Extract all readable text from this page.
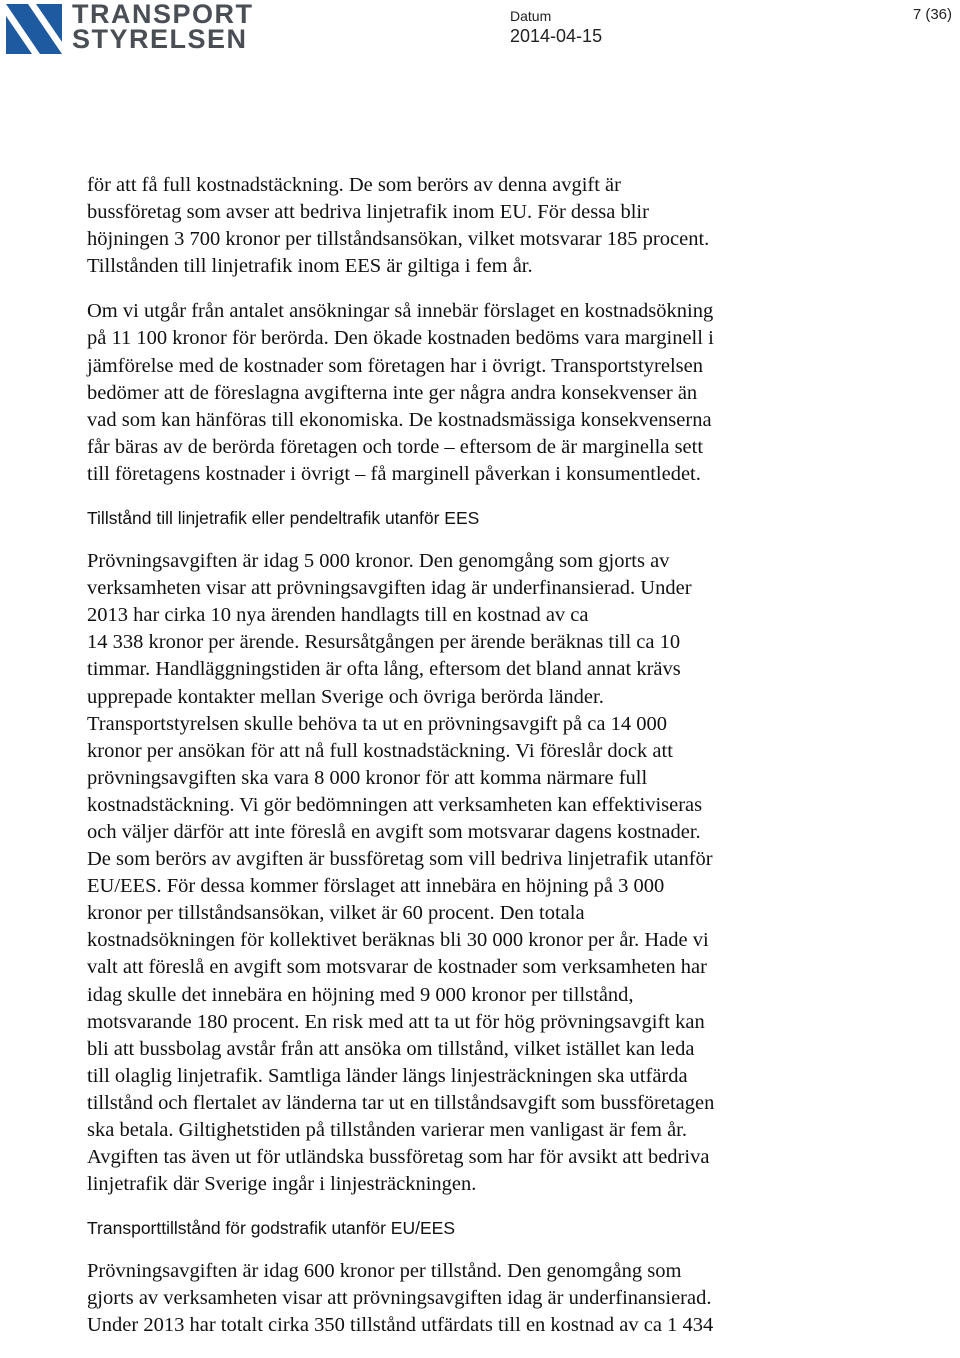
TRANSPORT
STYRELSEN
Datum
2014-04-15
7 (36)

för att få full kostnadstäckning. De som berörs av denna avgift är
bussföretag som avser att bedriva linjetrafik inom EU. För dessa blir
höjningen 3 700 kronor per tillståndsansökan, vilket motsvarar 185 procent.
Tillstånden till linjetrafik inom EES är giltiga i fem år.

Om vi utgår från antalet ansökningar så innebär förslaget en kostnadsökning
på 11 100 kronor för berörda. Den ökade kostnaden bedöms vara marginell i
jämförelse med de kostnader som företagen har i övrigt. Transportstyrelsen
bedömer att de föreslagna avgifterna inte ger några andra konsekvenser än
vad som kan hänföras till ekonomiska. De kostnadsmässiga konsekvenserna
får bäras av de berörda företagen och torde – eftersom de är marginella sett
till företagens kostnader i övrigt – få marginell påverkan i konsumentledet.

Tillstånd till linjetrafik eller pendeltrafik utanför EES

Prövningsavgiften är idag 5 000 kronor. Den genomgång som gjorts av
verksamheten visar att prövningsavgiften idag är underfinansierad. Under
2013 har cirka 10 nya ärenden handlagts till en kostnad av ca
14 338 kronor per ärende. Resursåtgången per ärende beräknas till ca 10
timmar. Handläggningstiden är ofta lång, eftersom det bland annat krävs
upprepade kontakter mellan Sverige och övriga berörda länder.
Transportstyrelsen skulle behöva ta ut en prövningsavgift på ca 14 000
kronor per ansökan för att nå full kostnadstäckning. Vi föreslår dock att
prövningsavgiften ska vara 8 000 kronor för att komma närmare full
kostnadstäckning. Vi gör bedömningen att verksamheten kan effektiviseras
och väljer därför att inte föreslå en avgift som motsvarar dagens kostnader.
De som berörs av avgiften är bussföretag som vill bedriva linjetrafik utanför
EU/EES. För dessa kommer förslaget att innebära en höjning på 3 000
kronor per tillståndsansökan, vilket är 60 procent. Den totala
kostnadsökningen för kollektivet beräknas bli 30 000 kronor per år. Hade vi
valt att föreslå en avgift som motsvarar de kostnader som verksamheten har
idag skulle det innebära en höjning med 9 000 kronor per tillstånd,
motsvarande 180 procent. En risk med att ta ut för hög prövningsavgift kan
bli att bussbolag avstår från att ansöka om tillstånd, vilket istället kan leda
till olaglig linjetrafik. Samtliga länder längs linjesträckningen ska utfärda
tillstånd och flertalet av länderna tar ut en tillståndsavgift som bussföretagen
ska betala. Giltighetstiden på tillstånden varierar men vanligast är fem år.
Avgiften tas även ut för utländska bussföretag som har för avsikt att bedriva
linjetrafik där Sverige ingår i linjesträckningen.

Transporttillstånd för godstrafik utanför EU/EES

Prövningsavgiften är idag 600 kronor per tillstånd. Den genomgång som
gjorts av verksamheten visar att prövningsavgiften idag är underfinansierad.
Under 2013 har totalt cirka 350 tillstånd utfärdats till en kostnad av ca 1 434
